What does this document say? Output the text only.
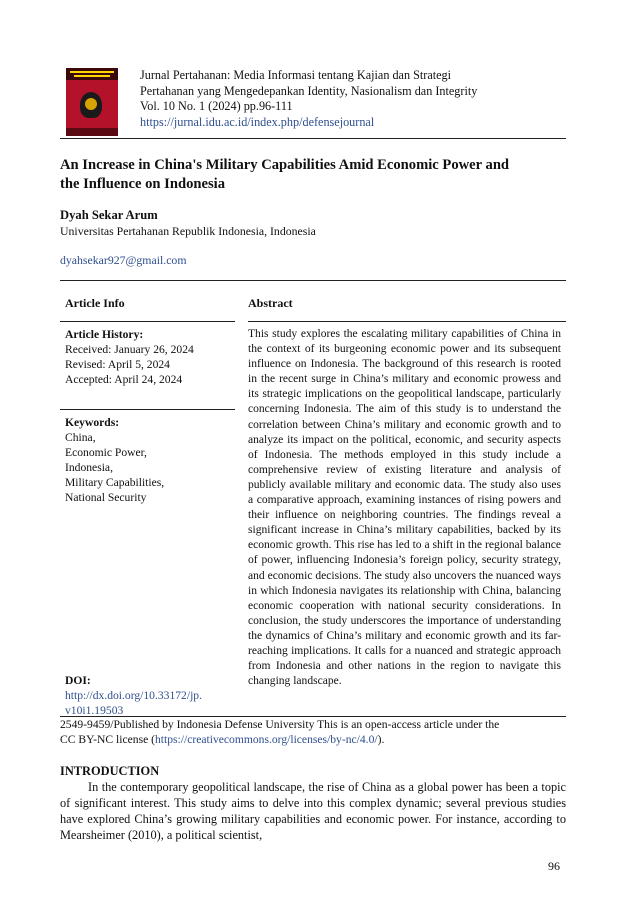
Jurnal Pertahanan: Media Informasi tentang Kajian dan Strategi
Pertahanan yang Mengedepankan Identity, Nasionalism dan Integrity
Vol. 10 No. 1 (2024) pp.96-111
https://jurnal.idu.ac.id/index.php/defensejournal
An Increase in China's Military Capabilities Amid Economic Power and
the Influence on Indonesia
Dyah Sekar Arum
Universitas Pertahanan Republik Indonesia, Indonesia
dyahsekar927@gmail.com
Article Info	Abstract
Article History:
Received: January 26, 2024
Revised: April 5, 2024
Accepted: April 24, 2024
Keywords:
China,
Economic Power,
Indonesia,
Military Capabilities,
National Security
DOI:
http://dx.doi.org/10.33172/jp.
v10i1.19503
This study explores the escalating military capabilities of China in the context of its burgeoning economic power and its subsequent influence on Indonesia. The background of this research is rooted in the recent surge in China’s military and economic prowess and its strategic implications on the geopolitical landscape, particularly concerning Indonesia. The aim of this study is to understand the correlation between China’s military and economic growth and to analyze its impact on the political, economic, and security aspects of Indonesia. The methods employed in this study include a comprehensive review of existing literature and analysis of publicly available military and economic data. The study also uses a comparative approach, examining instances of rising powers and their influence on neighboring countries. The findings reveal a significant increase in China’s military capabilities, backed by its economic growth. This rise has led to a shift in the regional balance of power, influencing Indonesia’s foreign policy, security strategy, and economic decisions. The study also uncovers the nuanced ways in which Indonesia navigates its relationship with China, balancing economic cooperation with national security considerations. In conclusion, the study underscores the importance of understanding the dynamics of China’s military and economic growth and its far-reaching implications. It calls for a nuanced and strategic approach from Indonesia and other nations in the region to navigate this changing landscape.
2549-9459/Published by Indonesia Defense University This is an open-access article under the
CC BY-NC license (https://creativecommons.org/licenses/by-nc/4.0/).
INTRODUCTION

In the contemporary geopolitical landscape, the rise of China as a global power has been a topic of significant interest. This study aims to delve into this complex dynamic; several previous studies have explored China’s growing military capabilities and economic power. For instance, according to Mearsheimer (2010), a political scientist,

96
